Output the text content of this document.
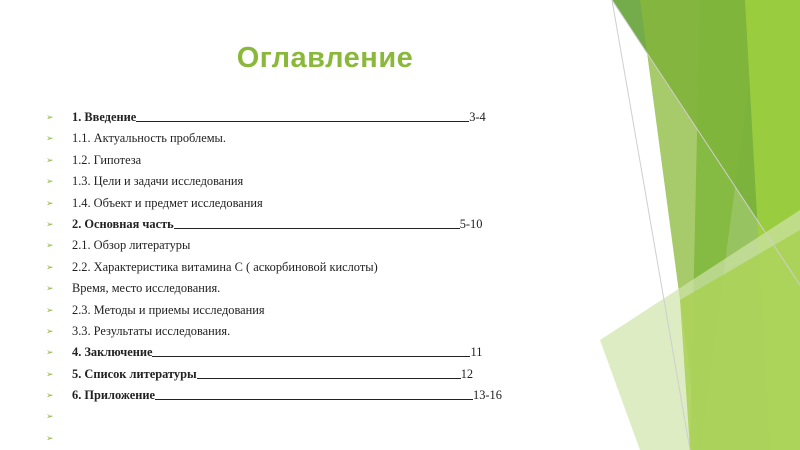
Оглавление
➢ 1. Введение	3-4
➢ 1.1. Актуальность проблемы.
➢ 1.2. Гипотеза
➢ 1.3. Цели и задачи исследования
➢ 1.4. Объект и предмет исследования
➢ 2. Основная часть	5-10
➢ 2.1. Обзор литературы
➢ 2.2. Характеристика витамина С ( аскорбиновой кислоты)
➢ Время, место исследования.
➢ 2.3. Методы и приемы исследования
➢ 3.3. Результаты исследования.
➢ 4. Заключение	11
➢ 5. Список литературы	12
➢ 6. Приложение	13-16
➢
➢
